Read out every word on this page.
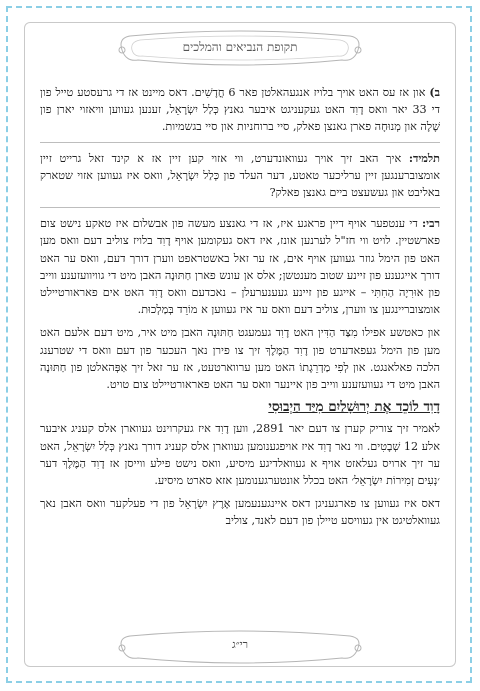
תקופת הנביאים והמלכים

ב) און אז עס האט אויך בלויז אנגעהאלטן פאר 6 חֳדָשִׁים. דאס מיינט אז די גרעסטע טייל פון די 33 יאר וואס דָוִד האט געקעניגט איבער גאנץ כְּלַל יִשְׂרָאֵל, זענען געווען וויאזוי יארן פון שָׁלָה און מְנוּחָה פארן גאנצן פאלק, סיי ברוחניות און סיי בגשמיות.

תלמיד: איך האב זיך אויך געוואונדערט, ווי אזוי קען זיין אז א קינד זאל גרייט זיין אומצוברענגען זיין ערליכער טאטע, דער העלד פון כְּלַל יִשְׂרָאֵל, וואס איז געווען אזוי שטארק באליבט און געשעצט ביים גאנצן פאלק?

רבי: די ענטפער אויף דיין פראגע איז, אז די גאנצע מעשה פון אבשלום איז טאקע נישט צום פארשטיין. לויט ווי חז"ל לערנען אונז, איז דאס געקומען אויף דָוִד בלויז צוליב דעם וואס מען האט פון הימל גוזר געווען אויף אים, אז ער זאל באשטראפט ווערן דורך דעם, וואס ער האט דורך אייגענע פון זיינע שטוב מענטשן; אלס אן עונש פארן חַתּוּנָה האבן מיט די גוויוועזענע ווייב פון אוּרִיָה הַחִתִּי – אייגע פון זיינע געענערעלן – נאכדעם וואס דָוִד האט אים פאראורטיילט אומצובריינגען צו ווערן, צוליב דעם וואס ער איז געווען א מוֹרֵד בְּמַלְכוּת.

און כאטשע אפילו מִצַּד הַדִּין האט דָוִד געמעגט חַתּוּנָה האבן מיט איר, מיט דעם אלעם האט מען פון הימל געפאדערט פון דָוִד הַמֶּלֶךְ זיך צו פירן נאך העכער פון דעם וואס די שטרענג הלכה פאלאנגט. און לְפִי מַדְרֵגָתוֹ האט מען ערווארטעט, אז ער זאל זיך אַפְּהאלטן פון חַתּוּנָה האבן מיט די געוועזענע ווייב פון איינער וואס ער האט פאראורטיילט צום טויט.

דָוִד לוֹכֵד אֶת יְרוּשָׁלַיִם מִיַּד הַיְבוּסִי

לאמיר זיך צוריק קערן צו דעם יאר 2891, ווען דָוִד איז געקרוינט געווארן אלס קעניג איבער אלע 12 שְׁבָטִים. ווי נאר דָוִד איז אויפגענומען געווארן אלס קעניג דורך גאנץ כְּלַל יִשְׂרָאֵל, האט ער זיך ארויס געלאזט אויף א געוואלדיגע מיסיע, וואס נישט פילע ווייסן אז דָוִד הַמֶּלֶךְ דער ׳נְעִים זְמִירוֹת יִשְׂרָאֵל׳ האט בכלל אונטערגענומען אזא סארט מיסיע.

דאס איז געווען צו פארגעניגן דאס איינגענעמען אֶרֶץ יִשְׂרָאֵל פון די פעלקער וואס האבן נאך געוואלטיגט אין געוויסע טיילן פון דעם לאנד, צוליב

רי״ג
